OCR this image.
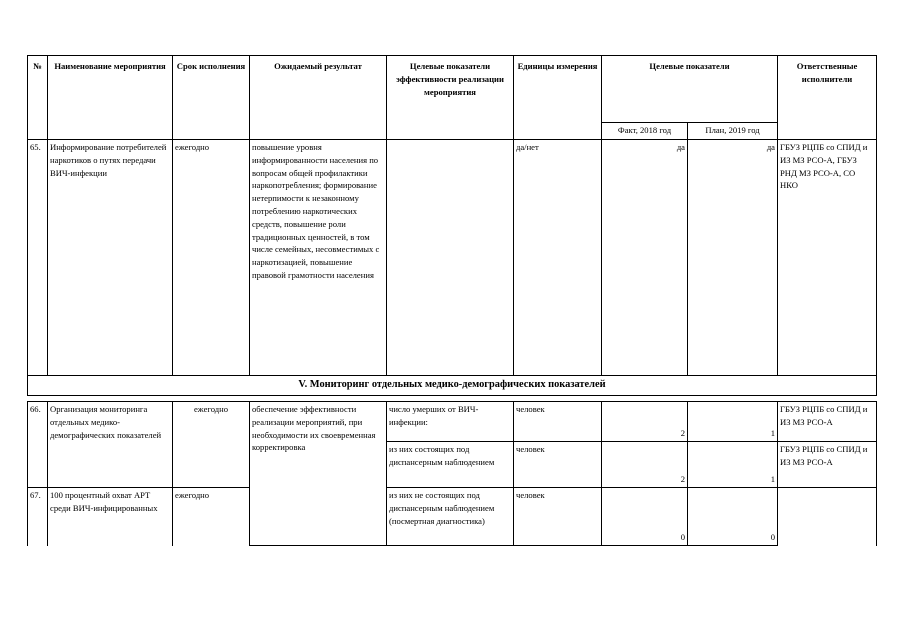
№	Наименование мероприятия	Срок исполнения	Ожидаемый результат	Целевые показатели эффективности реализации мероприятия	Единицы измерения	Целевые показатели		Ответственные исполнители
						Факт, 2018 год	План, 2019 год	
65.	Информирование потребителей наркотиков о путях передачи ВИЧ-инфекции	ежегодно	повышение уровня информированности населения по вопросам общей профилактики наркопотребления; формирование нетерпимости к незаконному потреблению наркотических средств, повышение роли традиционных ценностей, в том числе семейных, несовместимых с наркотизацией, повышение правовой грамотности населения		да/нет	да	да	ГБУЗ РЦПБ со СПИД и ИЗ МЗ РСО-А, ГБУЗ РНД МЗ РСО-А, СО НКО
V. Мониторинг отдельных медико-демографических показателей								

66.	Организация мониторинга отдельных медико-демографических показателей	ежегодно	обеспечение эффективности реализации мероприятий, при необходимости их своевременная корректировка	число умерших от ВИЧ-инфекции:	человек	2	1	ГБУЗ РЦПБ со СПИД и ИЗ МЗ РСО-А
				из них состоящих под диспансерным наблюдением	человек	2	1	ГБУЗ РЦПБ со СПИД и ИЗ МЗ РСО-А
67.	100 процентный охват АРТ среди ВИЧ-инфицированных	ежегодно		из них не состоящих под диспансерным наблюдением (посмертная диагностика)	человек	0	0	
